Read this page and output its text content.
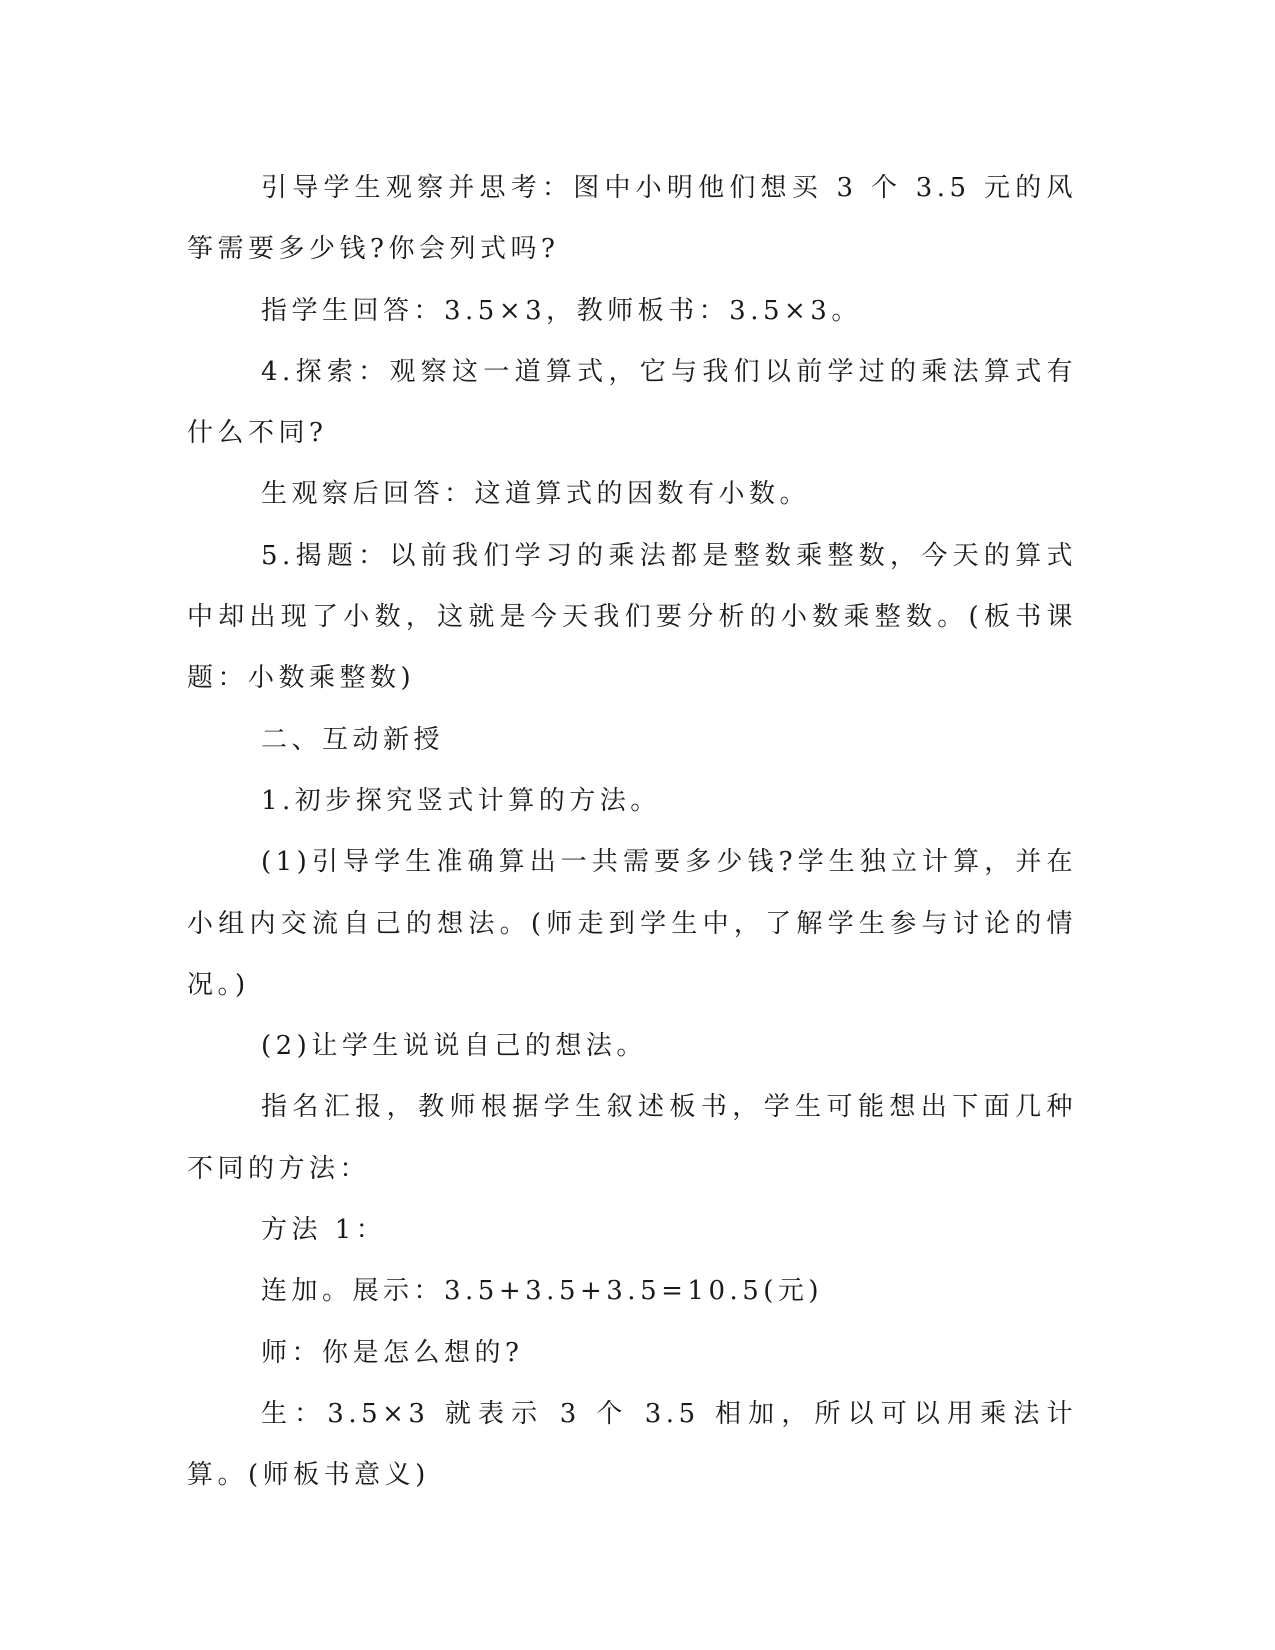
引导学生观察并思考：图中小明他们想买 3 个 3.5 元的风筝需要多少钱?你会列式吗?

指学生回答：3.5×3，教师板书：3.5×3。

4.探索：观察这一道算式，它与我们以前学过的乘法算式有什么不同?

生观察后回答：这道算式的因数有小数。

5.揭题：以前我们学习的乘法都是整数乘整数，今天的算式中却出现了小数，这就是今天我们要分析的小数乘整数。(板书课题：小数乘整数)

二、互动新授

1.初步探究竖式计算的方法。

(1)引导学生准确算出一共需要多少钱?学生独立计算，并在小组内交流自己的想法。(师走到学生中，了解学生参与讨论的情况。)

(2)让学生说说自己的想法。

指名汇报，教师根据学生叙述板书，学生可能想出下面几种不同的方法：

方法 1：

连加。展示：3.5+3.5+3.5=10.5(元)

师：你是怎么想的?

生：3.5×3 就表示 3 个 3.5 相加，所以可以用乘法计算。(师板书意义)
